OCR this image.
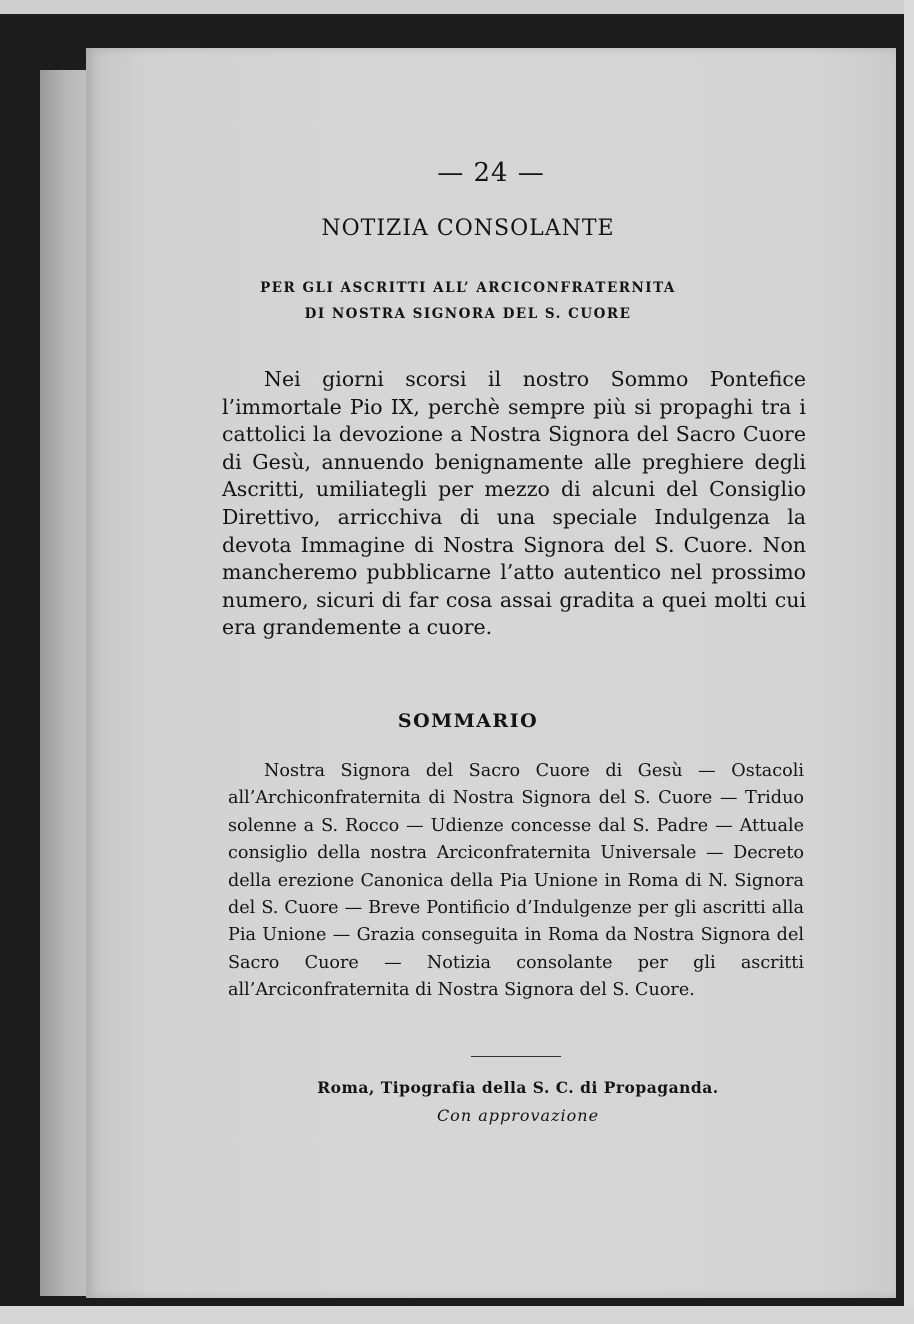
— 24 —
NOTIZIA CONSOLANTE
PER GLI ASCRITTI ALL’ ARCICONFRATERNITA
DI NOSTRA SIGNORA DEL S. CUORE

Nei giorni scorsi il nostro Sommo Pontefice l’immortale Pio IX, perchè sempre più si propaghi tra i cattolici la devozione a Nostra Signora del Sacro Cuore di Gesù, annuendo benignamente alle preghiere degli Ascritti, umiliategli per mezzo di alcuni del Consiglio Direttivo, arricchiva di una speciale Indulgenza la devota Immagine di Nostra Signora del S. Cuore. Non mancheremo pubblicarne l’atto autentico nel prossimo numero, sicuri di far cosa assai gradita a quei molti cui era grandemente a cuore.

SOMMARIO

Nostra Signora del Sacro Cuore di Gesù — Ostacoli all’Archiconfraternita di Nostra Signora del S. Cuore — Triduo solenne a S. Rocco — Udienze concesse dal S. Padre — Attuale consiglio della nostra Arciconfraternita Universale — Decreto della erezione Canonica della Pia Unione in Roma di N. Signora del S. Cuore — Breve Pontificio d’Indulgenze per gli ascritti alla Pia Unione — Grazia conseguita in Roma da Nostra Signora del Sacro Cuore — Notizia consolante per gli ascritti all’Arciconfraternita di Nostra Signora del S. Cuore.

Roma, Tipografia della S. C. di Propaganda.
Con approvazione
